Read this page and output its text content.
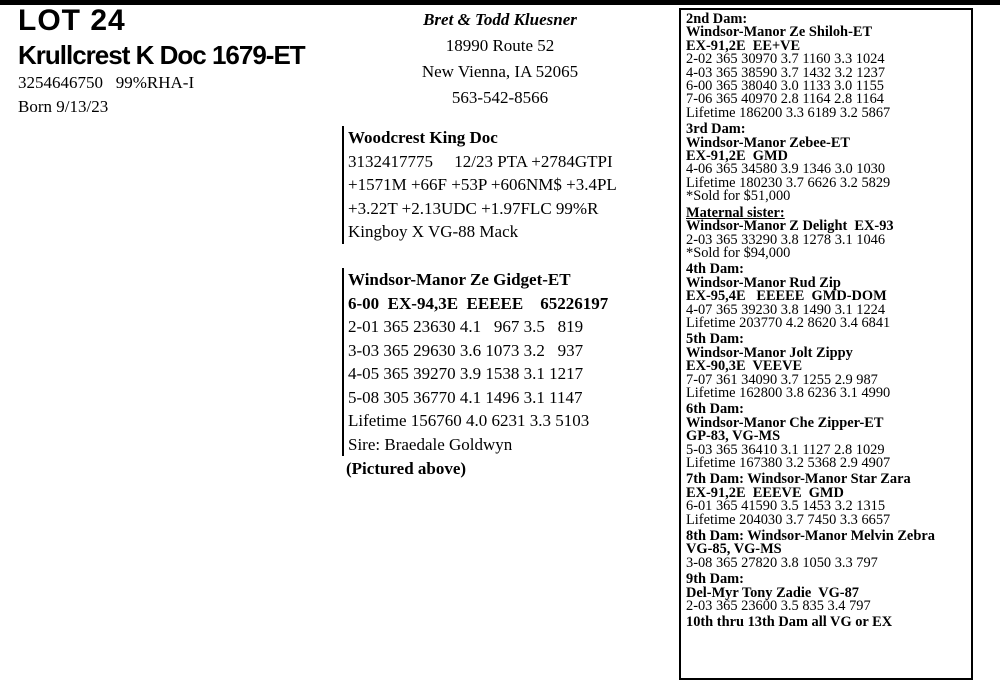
LOT 24
Krullcrest K Doc 1679-ET
3254646750   99%RHA-I
Born 9/13/23
Bret & Todd Kluesner
18990 Route 52
New Vienna, IA 52065
563-542-8566
Woodcrest King Doc
3132417775     12/23 PTA +2784GTPI
+1571M +66F +53P +606NM$ +3.4PL
+3.22T +2.13UDC +1.97FLC 99%R
Kingboy X VG-88 Mack
Windsor-Manor Ze Gidget-ET
6-00  EX-94,3E  EEEEE    65226197
2-01 365 23630 4.1   967 3.5   819
3-03 365 29630 3.6 1073 3.2   937
4-05 365 39270 3.9 1538 3.1 1217
5-08 305 36770 4.1 1496 3.1 1147
Lifetime 156760 4.0 6231 3.3 5103
Sire: Braedale Goldwyn
(Pictured above)
2nd Dam:
Windsor-Manor Ze Shiloh-ET
EX-91,2E  EE+VE
2-02 365 30970 3.7 1160 3.3 1024
4-03 365 38590 3.7 1432 3.2 1237
6-00 365 38040 3.0 1133 3.0 1155
7-06 365 40970 2.8 1164 2.8 1164
Lifetime 186200 3.3 6189 3.2 5867
3rd Dam:
Windsor-Manor Zebee-ET
EX-91,2E  GMD
4-06 365 34580 3.9 1346 3.0 1030
Lifetime 180230 3.7 6626 3.2 5829
*Sold for $51,000
Maternal sister:
Windsor-Manor Z Delight  EX-93
2-03 365 33290 3.8 1278 3.1 1046
*Sold for $94,000
4th Dam:
Windsor-Manor Rud Zip
EX-95,4E   EEEEE  GMD-DOM
4-07 365 39230 3.8 1490 3.1 1224
Lifetime 203770 4.2 8620 3.4 6841
5th Dam:
Windsor-Manor Jolt Zippy
EX-90,3E  VEEVE
7-07 361 34090 3.7 1255 2.9 987
Lifetime 162800 3.8 6236 3.1 4990
6th Dam:
Windsor-Manor Che Zipper-ET
GP-83, VG-MS
5-03 365 36410 3.1 1127 2.8 1029
Lifetime 167380 3.2 5368 2.9 4907
7th Dam: Windsor-Manor Star Zara
EX-91,2E  EEEVE  GMD
6-01 365 41590 3.5 1453 3.2 1315
Lifetime 204030 3.7 7450 3.3 6657
8th Dam: Windsor-Manor Melvin Zebra
VG-85, VG-MS
3-08 365 27820 3.8 1050 3.3 797
9th Dam:
Del-Myr Tony Zadie  VG-87
2-03 365 23600 3.5 835 3.4 797
10th thru 13th Dam all VG or EX
